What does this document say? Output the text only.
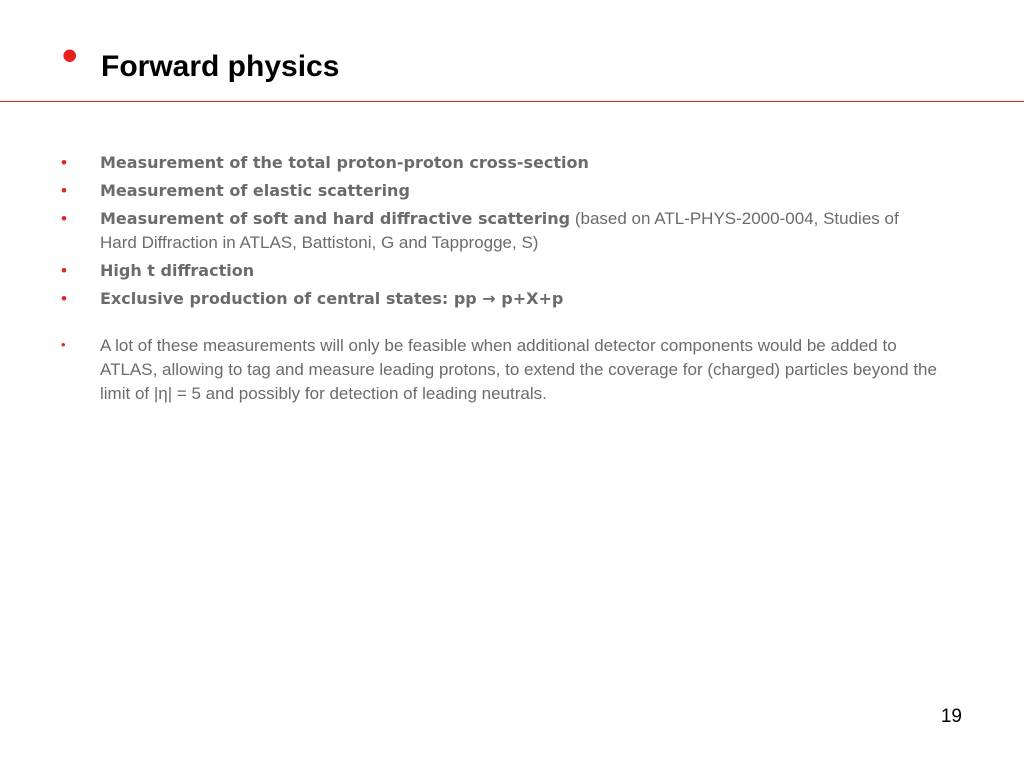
• Forward physics
• Measurement of the total proton-proton cross-section
• Measurement of elastic scattering
• Measurement of soft and hard diffractive scattering (based on ATL-PHYS-2000-004, Studies of Hard Diffraction in ATLAS, Battistoni, G and Tapprogge, S)
• High t diffraction
• Exclusive production of central states: pp → p+X+p
• A lot of these measurements will only be feasible when additional detector components would be added to ATLAS, allowing to tag and measure leading protons, to extend the coverage for (charged) particles beyond the limit of |η| = 5 and possibly for detection of leading neutrals.
19
